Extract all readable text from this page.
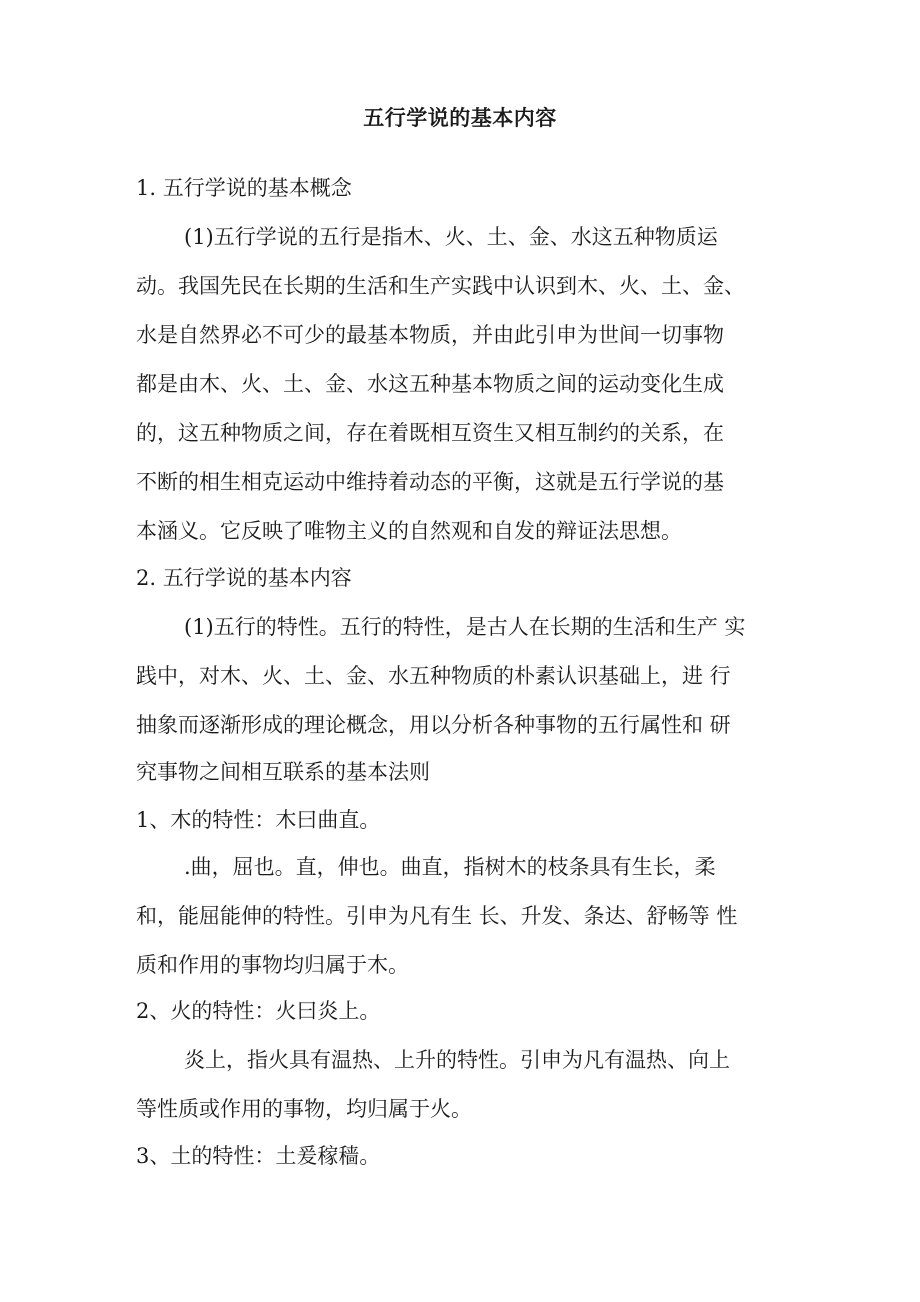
五行学说的基本内容
1. 五行学说的基本概念
(1)五行学说的五行是指木、火、土、金、水这五种物质运
动。我国先民在长期的生活和生产实践中认识到木、火、土、金、
水是自然界必不可少的最基本物质，并由此引申为世间一切事物
都是由木、火、土、金、水这五种基本物质之间的运动变化生成
的，这五种物质之间，存在着既相互资生又相互制约的关系，在
不断的相生相克运动中维持着动态的平衡，这就是五行学说的基
本涵义。它反映了唯物主义的自然观和自发的辩证法思想。
2. 五行学说的基本内容
(1)五行的特性。五行的特性，是古人在长期的生活和生产 实
践中，对木、火、土、金、水五种物质的朴素认识基础上，进 行
抽象而逐渐形成的理论概念，用以分析各种事物的五行属性和 研
究事物之间相互联系的基本法则
1、木的特性：木曰曲直。
.曲，屈也。直，伸也。曲直，指树木的枝条具有生长，柔
和，能屈能伸的特性。引申为凡有生 长、升发、条达、舒畅等 性
质和作用的事物均归属于木。
2、火的特性：火曰炎上。
炎上，指火具有温热、上升的特性。引申为凡有温热、向上
等性质或作用的事物，均归属于火。
3、土的特性：土爰稼穑。
